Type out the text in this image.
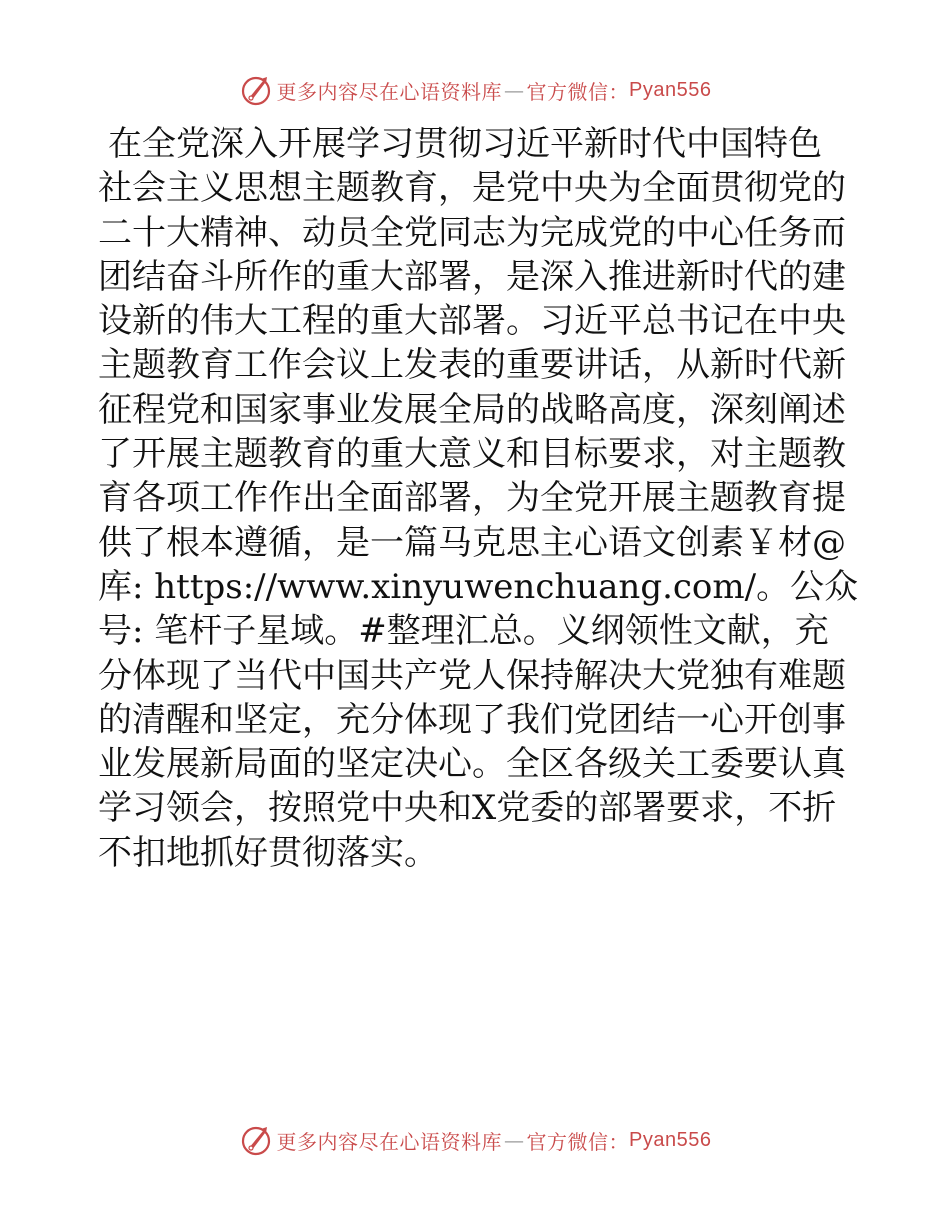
更多内容尽在心语资料库 — 官方微信： Pyan556
在全党深入开展学习贯彻习近平新时代中国特色
社会主义思想主题教育，是党中央为全面贯彻党的
二十大精神、动员全党同志为完成党的中心任务而
团结奋斗所作的重大部署，是深入推进新时代的建
设新的伟大工程的重大部署。习近平总书记在中央
主题教育工作会议上发表的重要讲话，从新时代新
征程党和国家事业发展全局的战略高度，深刻阐述
了开展主题教育的重大意义和目标要求，对主题教
育各项工作作出全面部署，为全党开展主题教育提
供了根本遵循，是一篇马克思主心语文创素￥材@
库: https://www.xinyuwenchuang.com/。公众
号: 笔杆子星域。#整理汇总。义纲领性文献，充
分体现了当代中国共产党人保持解决大党独有难题
的清醒和坚定，充分体现了我们党团结一心开创事
业发展新局面的坚定决心。全区各级关工委要认真
学习领会，按照党中央和X党委的部署要求，不折
不扣地抓好贯彻落实。
更多内容尽在心语资料库 — 官方微信： Pyan556
